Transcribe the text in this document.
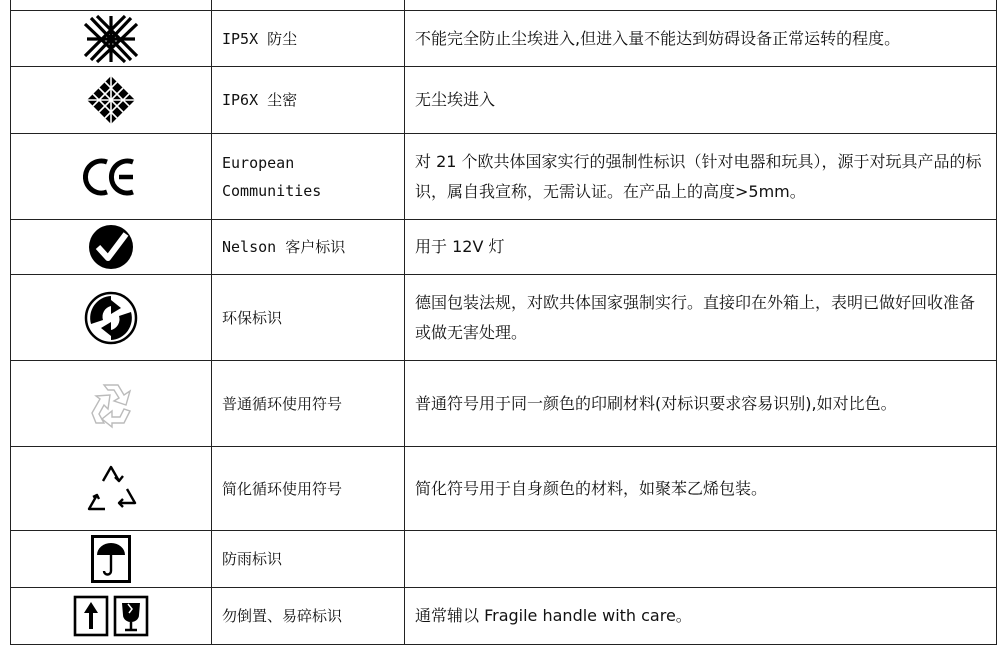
	IP5X 防尘	不能完全防止尘埃进入,但进入量不能达到妨碍设备正常运转的程度。

	IP6X 尘密	无尘埃进入

	European Communities	对 21 个欧共体国家实行的强制性标识（针对电器和玩具），源于对玩具产品的标识，属自我宣称，无需认证。在产品上的高度>5mm。

	Nelson 客户标识	用于 12V 灯

	环保标识	德国包装法规，对欧共体国家强制实行。直接印在外箱上，表明已做好回收准备或做无害处理。

	普通循环使用符号	普通符号用于同一颜色的印刷材料(对标识要求容易识别),如对比色。

	简化循环使用符号	简化符号用于自身颜色的材料，如聚苯乙烯包装。

	防雨标识	

	勿倒置、易碎标识	通常辅以 Fragile handle with care。
